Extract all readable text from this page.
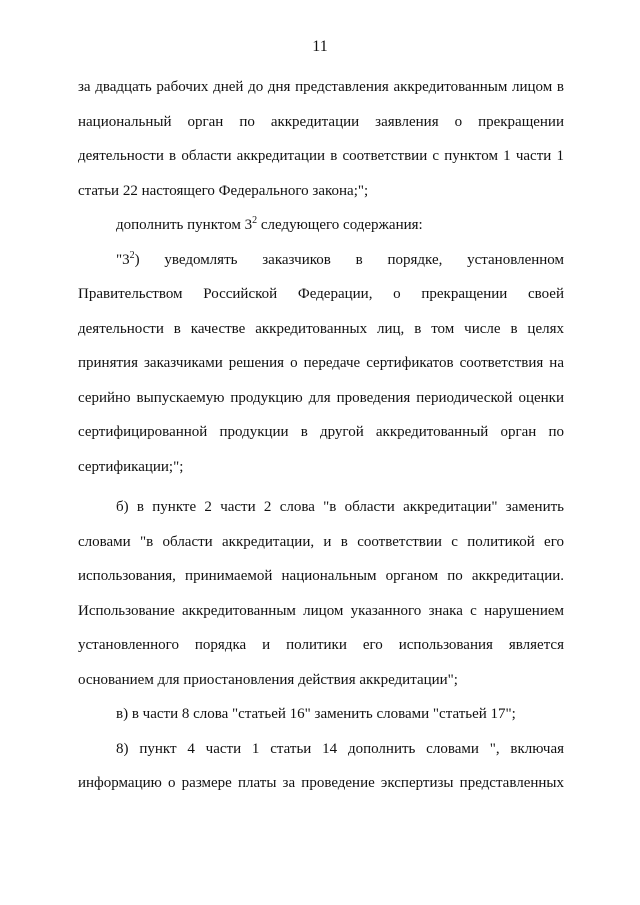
11

за двадцать рабочих дней до дня представления аккредитованным лицом в национальный орган по аккредитации заявления о прекращении деятельности в области аккредитации в соответствии с пунктом 1 части 1 статьи 22 настоящего Федерального закона;";

дополнить пунктом $3^2$ следующего содержания:

"$3^2$) уведомлять заказчиков в порядке, установленном Правительством Российской Федерации, о прекращении своей деятельности в качестве аккредитованных лиц, в том числе в целях принятия заказчиками решения о передаче сертификатов соответствия на серийно выпускаемую продукцию для проведения периодической оценки сертифицированной продукции в другой аккредитованный орган по сертификации;";

б) в пункте 2 части 2 слова "в области аккредитации" заменить словами "в области аккредитации, и в соответствии с политикой его использования, принимаемой национальным органом по аккредитации. Использование аккредитованным лицом указанного знака с нарушением установленного порядка и политики его использования является основанием для приостановления действия аккредитации";

в) в части 8 слова "статьей 16" заменить словами "статьей 17";

8) пункт 4 части 1 статьи 14 дополнить словами ", включая информацию о размере платы за проведение экспертизы представленных
